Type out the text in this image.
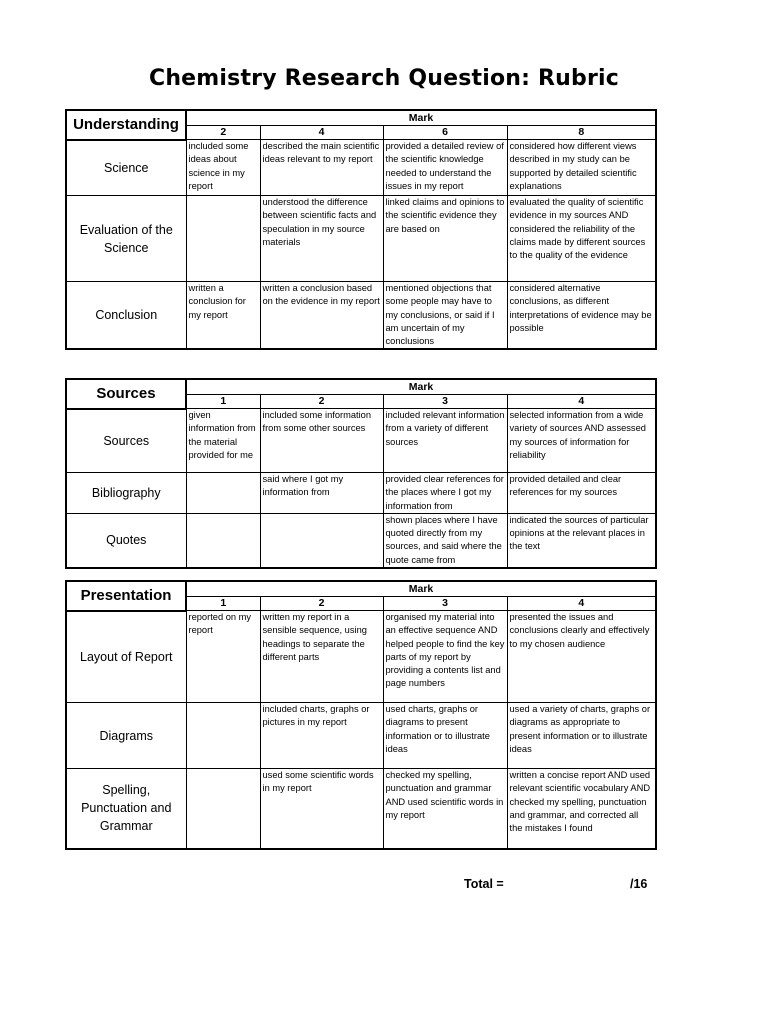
Chemistry Research Question: Rubric
Understanding	Mark			
	2	4	6	8
Science	included some ideas about science in my report	described the main scientific ideas relevant to my report	provided a detailed review of the scientific knowledge needed to understand the issues in my report	considered how different views described in my study can be supported by detailed scientific explanations
Evaluation of the Science		understood the difference between scientific facts and speculation in my source materials	linked claims and opinions to the scientific evidence they are based on	evaluated the quality of scientific evidence in my sources AND considered the reliability of the claims made by different sources to the quality of the evidence
Conclusion	written a conclusion for my report	written a conclusion based on the evidence in my report	mentioned objections that some people may have to my conclusions, or said if I am uncertain of my conclusions	considered alternative conclusions, as different interpretations of evidence may be possible
Sources	Mark			
	1	2	3	4
Sources	given information from the material provided for me	included some information from some other sources	included relevant information from a variety of different sources	selected information from a wide variety of sources AND assessed my sources of information for reliability
Bibliography		said where I got my information from	provided clear references for the places where I got my information from	provided detailed and clear references for my sources
Quotes			shown places where I have quoted directly from my sources, and said where the quote came from	indicated the sources of particular opinions at the relevant places in the text
Presentation	Mark			
	1	2	3	4
Layout of Report	reported on my report	written my report in a sensible sequence, using headings to separate the different parts	organised my material into an effective sequence AND helped people to find the key parts of my report by providing a contents list and page numbers	presented the issues and conclusions clearly and effectively to my chosen audience
Diagrams		included charts, graphs or pictures in my report	used charts, graphs or diagrams to present information or to illustrate ideas	used a variety of charts, graphs or diagrams as appropriate to present information or to illustrate ideas
Spelling, Punctuation and Grammar		used some scientific words in my report	checked my spelling, punctuation and grammar AND used scientific words in my report	written a concise report AND used relevant scientific vocabulary AND checked my spelling, punctuation and grammar, and corrected all the mistakes I found
Total =	/16
